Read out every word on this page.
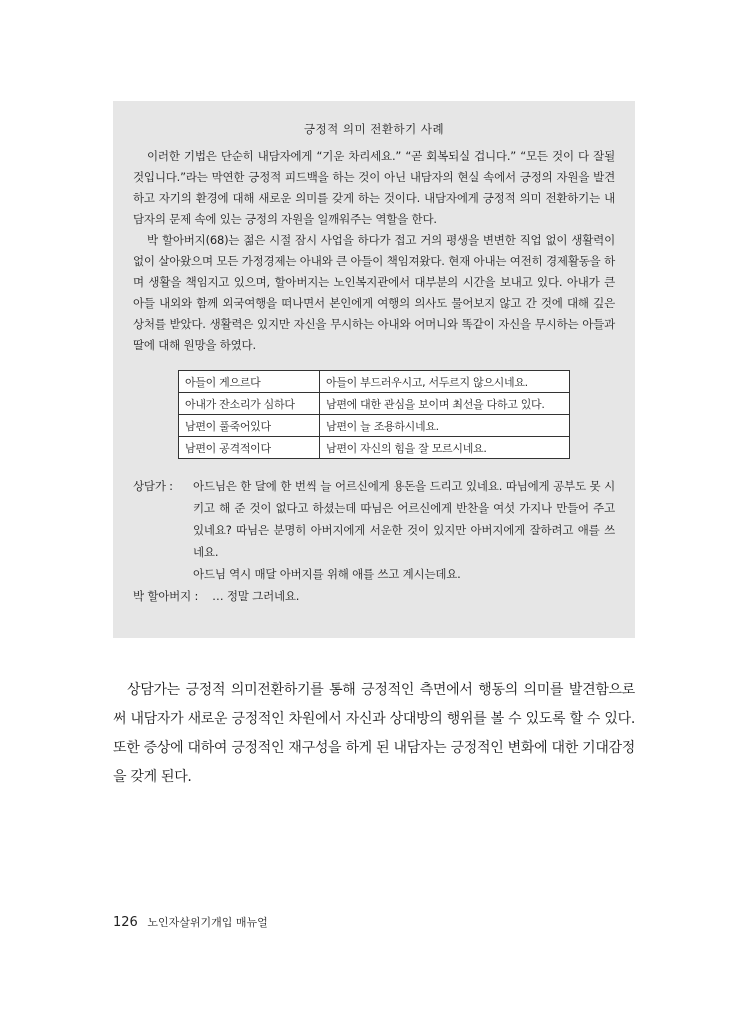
긍정적 의미 전환하기 사례

이러한 기법은 단순히 내담자에게 “기운 차리세요.” “곧 회복되실 겁니다.” “모든 것이 다 잘될 것입니다.”라는 막연한 긍정적 피드백을 하는 것이 아닌 내담자의 현실 속에서 긍정의 자원을 발견하고 자기의 환경에 대해 새로운 의미를 갖게 하는 것이다. 내담자에게 긍정적 의미 전환하기는 내담자의 문제 속에 있는 긍정의 자원을 일깨워주는 역할을 한다.

박 할아버지(68)는 젊은 시절 잠시 사업을 하다가 접고 거의 평생을 변변한 직업 없이 생활력이 없이 살아왔으며 모든 가정경제는 아내와 큰 아들이 책임져왔다. 현재 아내는 여전히 경제활동을 하며 생활을 책임지고 있으며, 할아버지는 노인복지관에서 대부분의 시간을 보내고 있다. 아내가 큰 아들 내외와 함께 외국여행을 떠나면서 본인에게 여행의 의사도 물어보지 않고 간 것에 대해 깊은 상처를 받았다. 생활력은 있지만 자신을 무시하는 아내와 어머니와 똑같이 자신을 무시하는 아들과 딸에 대해 원망을 하였다.

아들이 게으르다	아들이 부드러우시고, 서두르지 않으시네요.
아내가 잔소리가 심하다	남편에 대한 관심을 보이며 최선을 다하고 있다.
남편이 풀죽어있다	남편이 늘 조용하시네요.
남편이 공격적이다	남편이 자신의 힘을 잘 모르시네요.
상담가 :	아드님은 한 달에 한 번씩 늘 어르신에게 용돈을 드리고 있네요. 따님에게 공부도 못 시키고 해 준 것이 없다고 하셨는데 따님은 어르신에게 반찬을 여섯 가지나 만들어 주고 있네요? 따님은 분명히 아버지에게 서운한 것이 있지만 아버지에게 잘하려고 애를 쓰네요.
아드님 역시 매달 아버지를 위해 애를 쓰고 계시는데요.
박 할아버지 : … 정말 그러네요.

상담가는 긍정적 의미전환하기를 통해 긍정적인 측면에서 행동의 의미를 발견함으로써 내담자가 새로운 긍정적인 차원에서 자신과 상대방의 행위를 볼 수 있도록 할 수 있다. 또한 증상에 대하여 긍정적인 재구성을 하게 된 내담자는 긍정적인 변화에 대한 기대감정을 갖게 된다.

126 노인자살위기개입 매뉴얼
